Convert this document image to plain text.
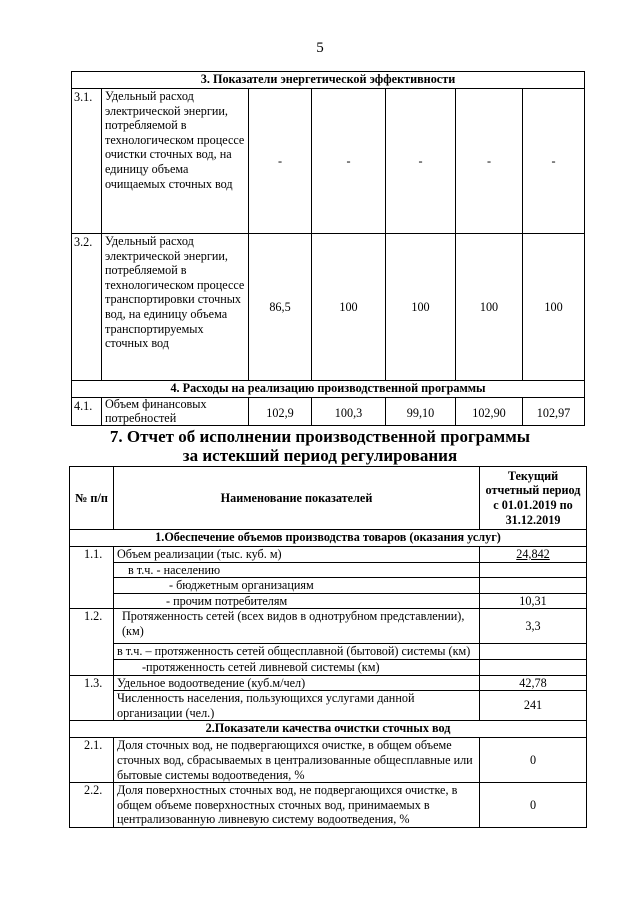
5
3. Показатели энергетической эффективности						
3.1.	Удельный расход электрической энергии, потребляемой в технологическом процессе очистки сточных вод, на единицу объема очищаемых сточных вод	-	-	-	-	-
3.2.	Удельный расход электрической энергии, потребляемой в технологическом процессе транспортировки сточных вод, на единицу объема транспортируемых сточных вод	86,5	100	100	100	100
4. Расходы на реализацию производственной программы						
4.1.	Объем финансовых потребностей	102,9	100,3	99,10	102,90	102,97
7. Отчет об исполнении производственной программы
за истекший период регулирования
№ п/п	Наименование показателей	Текущий отчетный период с 01.01.2019 по 31.12.2019
1.Обеспечение объемов производства товаров (оказания услуг)		
1.1.	Объем реализации (тыс. куб. м)	24,842
	в т.ч. - населению	
	- бюджетным организациям	
	- прочим потребителям	10,31
1.2.	Протяженность сетей (всех видов в однотрубном представлении), (км)	3,3
	в т.ч. – протяженность сетей общесплавной (бытовой) системы (км)	
	-протяженность сетей ливневой системы (км)	
1.3.	Удельное водоотведение (куб.м/чел)	42,78
	Численность населения, пользующихся услугами данной организации (чел.)	241
2.Показатели качества очистки сточных вод		
2.1.	Доля сточных вод, не подвергающихся очистке, в общем объеме сточных вод, сбрасываемых в централизованные общесплавные или бытовые системы водоотведения, %	0
2.2.	Доля поверхностных сточных вод, не подвергающихся очистке, в общем объеме поверхностных сточных вод, принимаемых в централизованную ливневую систему водоотведения, %	0
